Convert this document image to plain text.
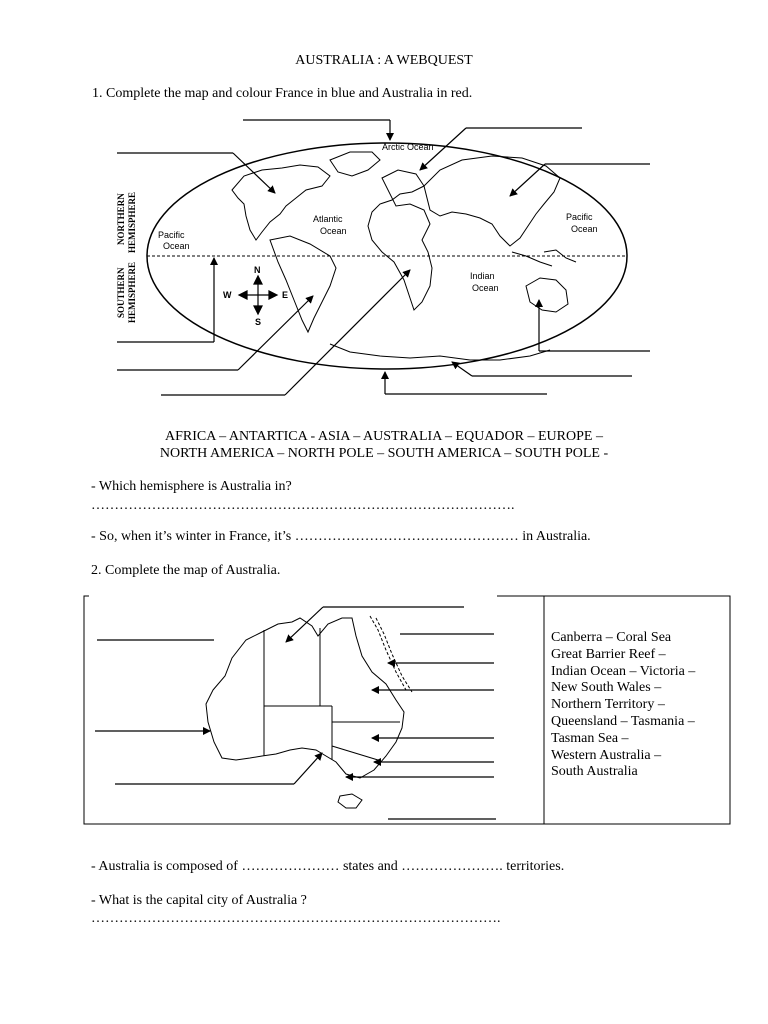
AUSTRALIA : A WEBQUEST
1. Complete the map and colour France in blue and Australia in red.
Arctic Ocean
Atlantic
Ocean
Pacific
Ocean
Pacific
Ocean
Indian
Ocean
NORTHERN HEMISPHERE
SOUTHERN HEMISPHERE	N
S
E
W
AFRICA – ANTARTICA - ASIA – AUSTRALIA – EQUADOR – EUROPE –
NORTH AMERICA – NORTH POLE – SOUTH AMERICA – SOUTH POLE -
- Which hemisphere is Australia in?
……………………………………………………………………………….
- So, when it’s winter in France, it’s ………………………………………… in Australia.
2. Complete the map of Australia.
Canberra – Coral Sea
Great Barrier Reef –
Indian Ocean – Victoria –
New South Wales –
Northern Territory –
Queensland – Tasmania –
Tasman Sea –
Western Australia –
South Australia
- Australia is composed of ………………… states and …………………. territories.
- What is the capital city of Australia ?
…………………………………………………………………………….
